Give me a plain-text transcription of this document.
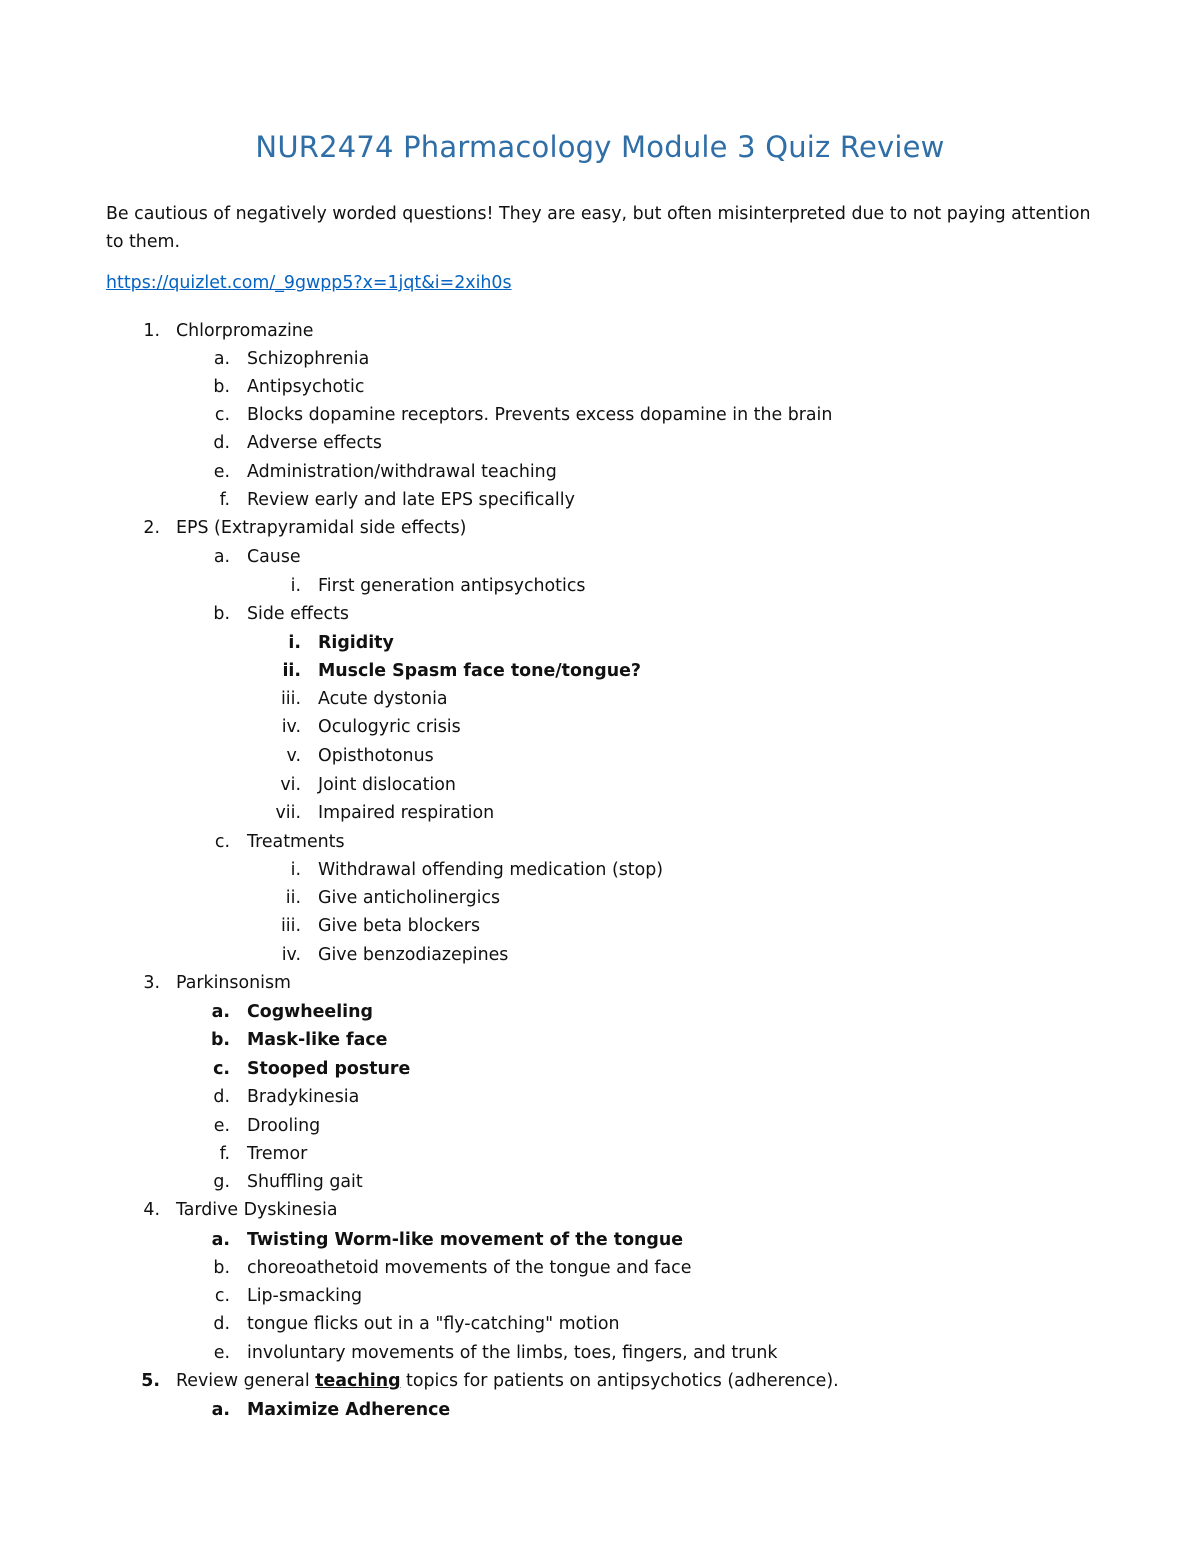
NUR2474 Pharmacology Module 3 Quiz Review
Be cautious of negatively worded questions! They are easy, but often misinterpreted due to not paying attention to them.
https://quizlet.com/_9gwpp5?x=1jqt&i=2xih0s
1. Chlorpromazine
a. Schizophrenia
b. Antipsychotic
c. Blocks dopamine receptors. Prevents excess dopamine in the brain
d. Adverse effects
e. Administration/withdrawal teaching
f. Review early and late EPS specifically
2. EPS (Extrapyramidal side effects)
a. Cause
i. First generation antipsychotics
b. Side effects
i. Rigidity
ii. Muscle Spasm face tone/tongue?
iii. Acute dystonia
iv. Oculogyric crisis
v. Opisthotonus
vi. Joint dislocation
vii. Impaired respiration
c. Treatments
i. Withdrawal offending medication (stop)
ii. Give anticholinergics
iii. Give beta blockers
iv. Give benzodiazepines
3. Parkinsonism
a. Cogwheeling
b. Mask-like face
c. Stooped posture
d. Bradykinesia
e. Drooling
f. Tremor
g. Shuffling gait
4. Tardive Dyskinesia
a. Twisting Worm-like movement of the tongue
b. choreoathetoid movements of the tongue and face
c. Lip-smacking
d. tongue flicks out in a "fly-catching" motion
e. involuntary movements of the limbs, toes, fingers, and trunk
5. Review general teaching topics for patients on antipsychotics (adherence).
a. Maximize Adherence
